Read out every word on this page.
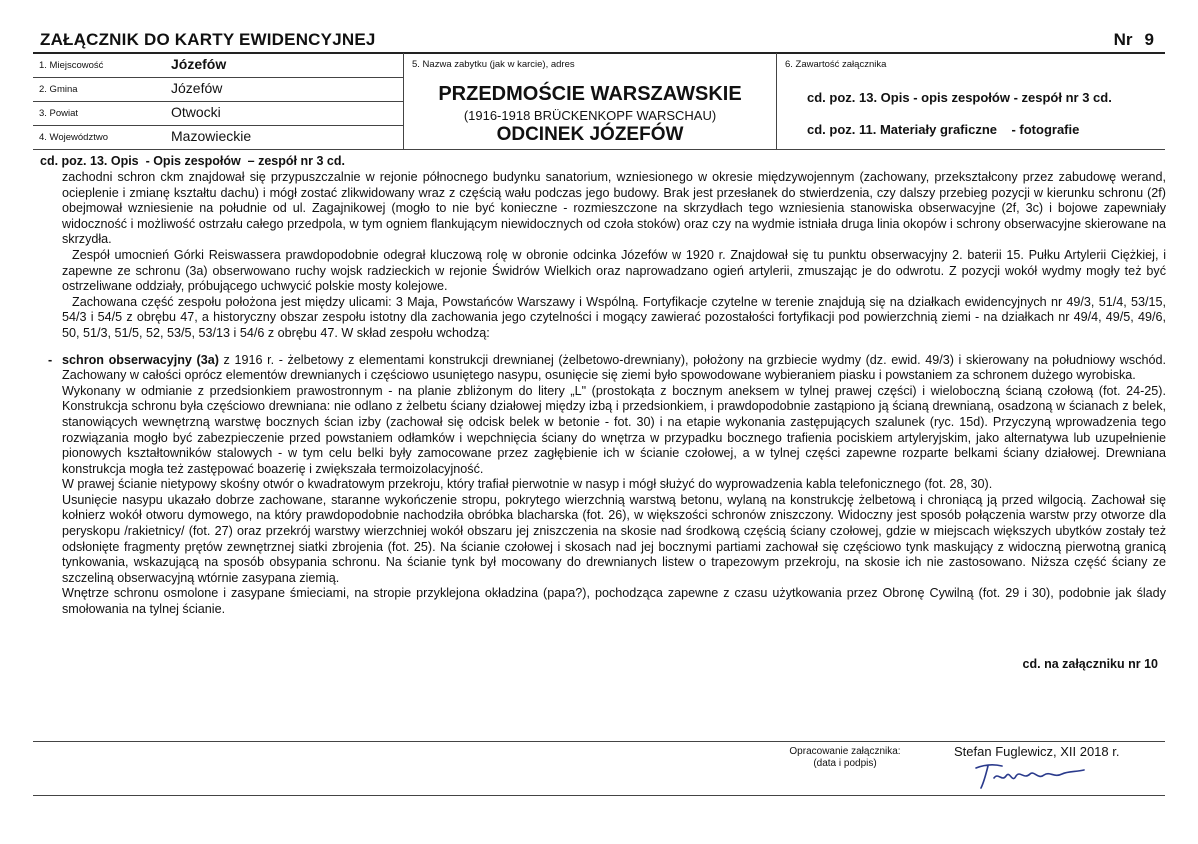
ZAŁĄCZNIK DO KARTY EWIDENCYJNEJ	Nr 9
1. Miejscowość	Józefów
2. Gmina	Józefów
3. Powiat	Otwocki
4. Województwo	Mazowieckie
5. Nazwa zabytku (jak w karcie), adres
PRZEDMOŚCIE WARSZAWSKIE
(1916-1918 BRÜCKENKOPF WARSCHAU)
ODCINEK JÓZEFÓW
6. Zawartość załącznika
cd. poz. 13. Opis - opis zespołów - zespół nr 3 cd.
cd. poz. 11. Materiały graficzne    - fotografie
cd. poz. 13. Opis  - Opis zespołów  – zespół nr 3 cd.

zachodni schron ckm znajdował się przypuszczalnie w rejonie północnego budynku sanatorium, wzniesionego w okresie międzywojennym (zachowany, przekształcony przez zabudowę werand, ocieplenie i zmianę kształtu dachu) i mógł zostać zlikwidowany wraz z częścią wału podczas jego budowy. Brak jest przesłanek do stwierdzenia, czy dalszy przebieg pozycji w kierunku schronu (2f) obejmował wzniesienie na południe od ul. Zagajnikowej (mogło to nie być konieczne - rozmieszczone na skrzydłach tego wzniesienia stanowiska obserwacyjne (2f, 3c) i bojowe zapewniały widoczność i możliwość ostrzału całego przedpola, w tym ogniem flankującym niewidocznych od czoła stoków) oraz czy na wydmie istniała druga linia okopów i schrony obserwacyjne skierowane na skrzydła.

Zespół umocnień Górki Reiswassera prawdopodobnie odegrał kluczową rolę w obronie odcinka Józefów w 1920 r. Znajdował się tu punktu obserwacyjny 2. baterii 15. Pułku Artylerii Ciężkiej, i zapewne ze schronu (3a) obserwowano ruchy wojsk radzieckich w rejonie Świdrów Wielkich oraz naprowadzano ogień artylerii, zmuszając je do odwrotu. Z pozycji wokół wydmy mogły też być ostrzeliwane oddziały, próbującego uchwycić polskie mosty kolejowe.

Zachowana część zespołu położona jest między ulicami: 3 Maja, Powstańców Warszawy i Wspólną. Fortyfikacje czytelne w terenie znajdują się na działkach ewidencyjnych nr 49/3, 51/4, 53/15, 54/3 i 54/5 z obrębu 47, a historyczny obszar zespołu istotny dla zachowania jego czytelności i mogący zawierać pozostałości fortyfikacji pod powierzchnią ziemi - na działkach nr 49/4, 49/5, 49/6, 50, 51/3, 51/5, 52, 53/5, 53/13 i 54/6 z obrębu 47. W skład zespołu wchodzą:

- schron obserwacyjny (3a) z 1916 r. - żelbetowy z elementami konstrukcji drewnianej (żelbetowo-drewniany), położony na grzbiecie wydmy (dz. ewid. 49/3) i skierowany na południowy wschód. Zachowany w całości oprócz elementów drewnianych i częściowo usuniętego nasypu, osunięcie się ziemi było spowodowane wybieraniem piasku i powstaniem za schronem dużego wyrobiska.

Wykonany w odmianie z przedsionkiem prawostronnym - na planie zbliżonym do litery „L" (prostokąta z bocznym aneksem w tylnej prawej części) i wieloboczną ścianą czołową (fot. 24-25). Konstrukcja schronu była częściowo drewniana: nie odlano z żelbetu ściany działowej między izbą i przedsionkiem, i prawdopodobnie zastąpiono ją ścianą drewnianą, osadzoną w ścianach z belek, stanowiących wewnętrzną warstwę bocznych ścian izby (zachował się odcisk belek w betonie - fot. 30) i na etapie wykonania zastępujących szalunek (ryc. 15d). Przyczyną wprowadzenia tego rozwiązania mogło być zabezpieczenie przed powstaniem odłamków i wepchnięcia ściany do wnętrza w przypadku bocznego trafienia pociskiem artyleryjskim, jako alternatywa lub uzupełnienie pionowych kształtowników stalowych - w tym celu belki były zamocowane przez zagłębienie ich w ścianie czołowej, a w tylnej części zapewne rozparte belkami ściany działowej. Drewniana konstrukcja mogła też zastępować boazerię i zwiększała termoizolacyjność.

W prawej ścianie nietypowy skośny otwór o kwadratowym przekroju, który trafiał pierwotnie w nasyp i mógł służyć do wyprowadzenia kabla telefonicznego (fot. 28, 30).

Usunięcie nasypu ukazało dobrze zachowane, staranne wykończenie stropu, pokrytego wierzchnią warstwą betonu, wylaną na konstrukcję żelbetową i chroniącą ją przed wilgocią. Zachował się kołnierz wokół otworu dymowego, na który prawdopodobnie nachodziła obróbka blacharska (fot. 26), w większości schronów zniszczony. Widoczny jest sposób połączenia warstw przy otworze dla peryskopu /rakietnicy/ (fot. 27) oraz przekrój warstwy wierzchniej wokół obszaru jej zniszczenia na skosie nad środkową częścią ściany czołowej, gdzie w miejscach większych ubytków zostały też odsłonięte fragmenty prętów zewnętrznej siatki zbrojenia (fot. 25). Na ścianie czołowej i skosach nad jej bocznymi partiami zachował się częściowo tynk maskujący z widoczną pierwotną granicą tynkowania, wskazującą na sposób obsypania schronu. Na ścianie tynk był mocowany do drewnianych listew o trapezowym przekroju, na skosie ich nie zastosowano. Niższa część ściany ze szczeliną obserwacyjną wtórnie zasypana ziemią.

Wnętrze schronu osmolone i zasypane śmieciami, na stropie przyklejona okładzina (papa?), pochodząca zapewne z czasu użytkowania przez Obronę Cywilną (fot. 29 i 30), podobnie jak ślady smołowania na tylnej ścianie.

cd. na załączniku nr 10
Opracowanie załącznika:
(data i podpis)
Stefan Fuglewicz, XII 2018 r.
